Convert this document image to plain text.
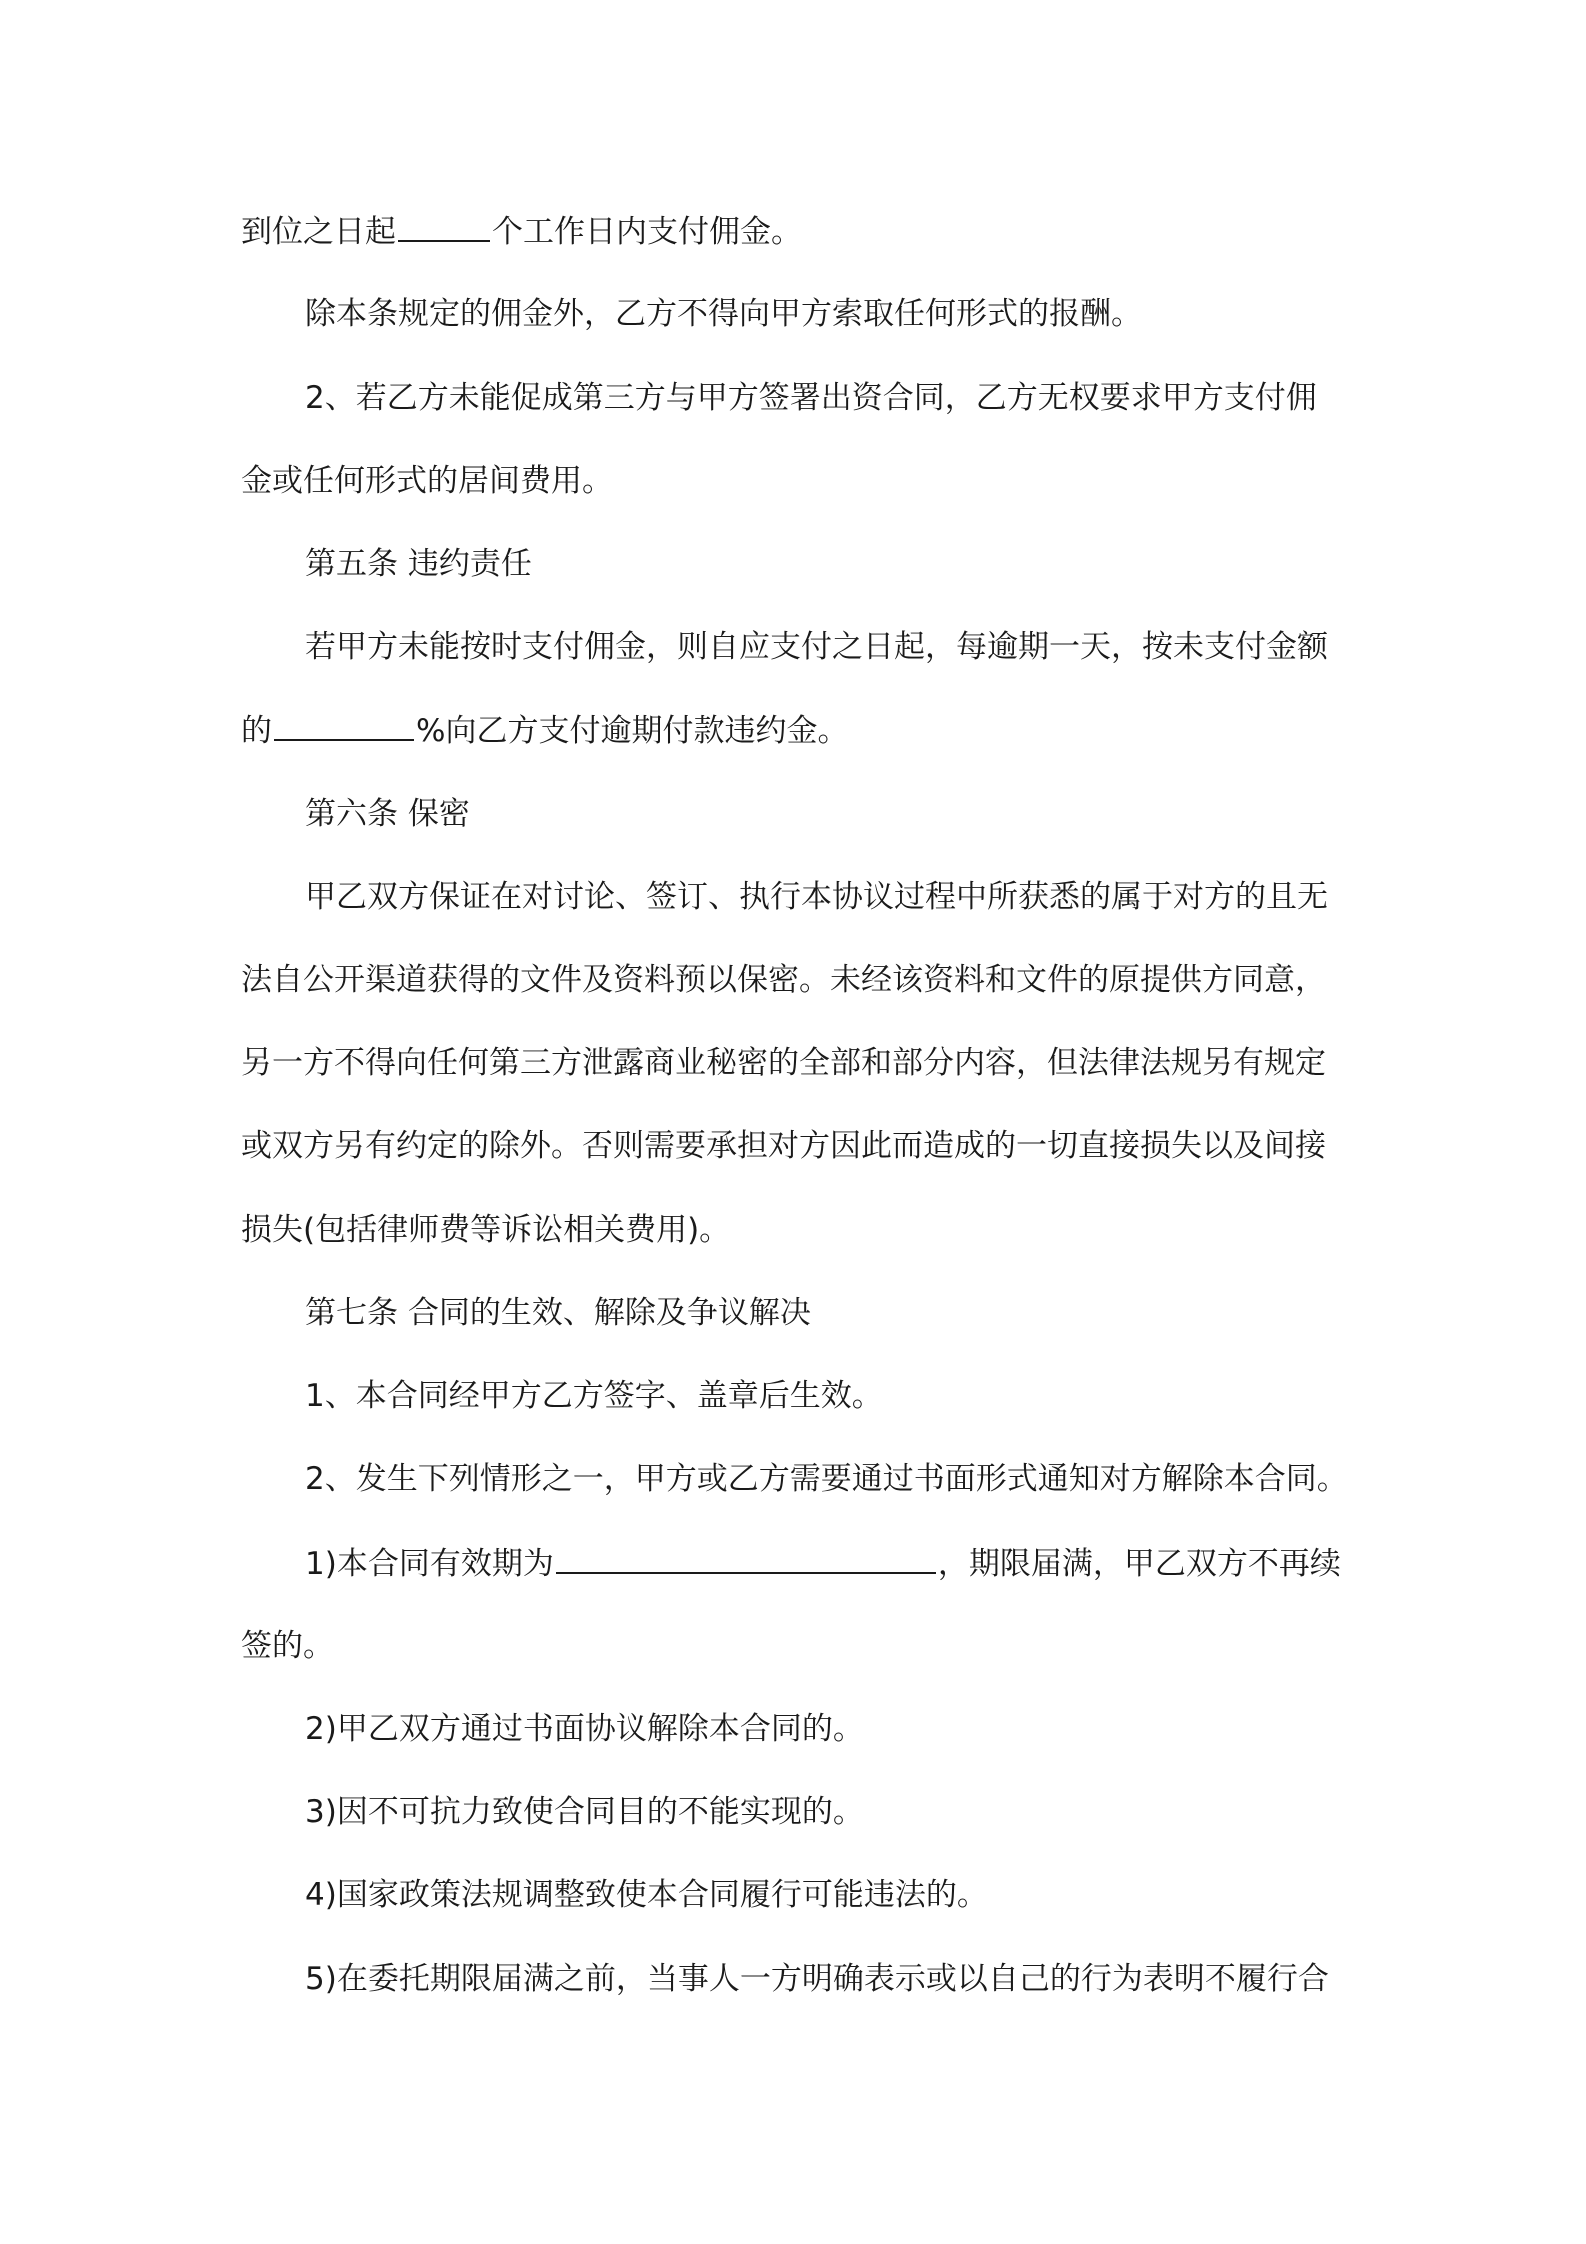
到位之日起	个工作日内支付佣金。
除本条规定的佣金外，乙方不得向甲方索取任何形式的报酬。
2、若乙方未能促成第三方与甲方签署出资合同，乙方无权要求甲方支付佣
金或任何形式的居间费用。
第五条 违约责任
若甲方未能按时支付佣金，则自应支付之日起，每逾期一天，按未支付金额
的	%向乙方支付逾期付款违约金。
第六条 保密
甲乙双方保证在对讨论、签订、执行本协议过程中所获悉的属于对方的且无
法自公开渠道获得的文件及资料预以保密。未经该资料和文件的原提供方同意，
另一方不得向任何第三方泄露商业秘密的全部和部分内容，但法律法规另有规定
或双方另有约定的除外。否则需要承担对方因此而造成的一切直接损失以及间接
损失(包括律师费等诉讼相关费用)。
第七条 合同的生效、解除及争议解决
1、本合同经甲方乙方签字、盖章后生效。
2、发生下列情形之一，甲方或乙方需要通过书面形式通知对方解除本合同。
1)本合同有效期为	，期限届满，甲乙双方不再续
签的。
2)甲乙双方通过书面协议解除本合同的。
3)因不可抗力致使合同目的不能实现的。
4)国家政策法规调整致使本合同履行可能违法的。
5)在委托期限届满之前，当事人一方明确表示或以自己的行为表明不履行合
